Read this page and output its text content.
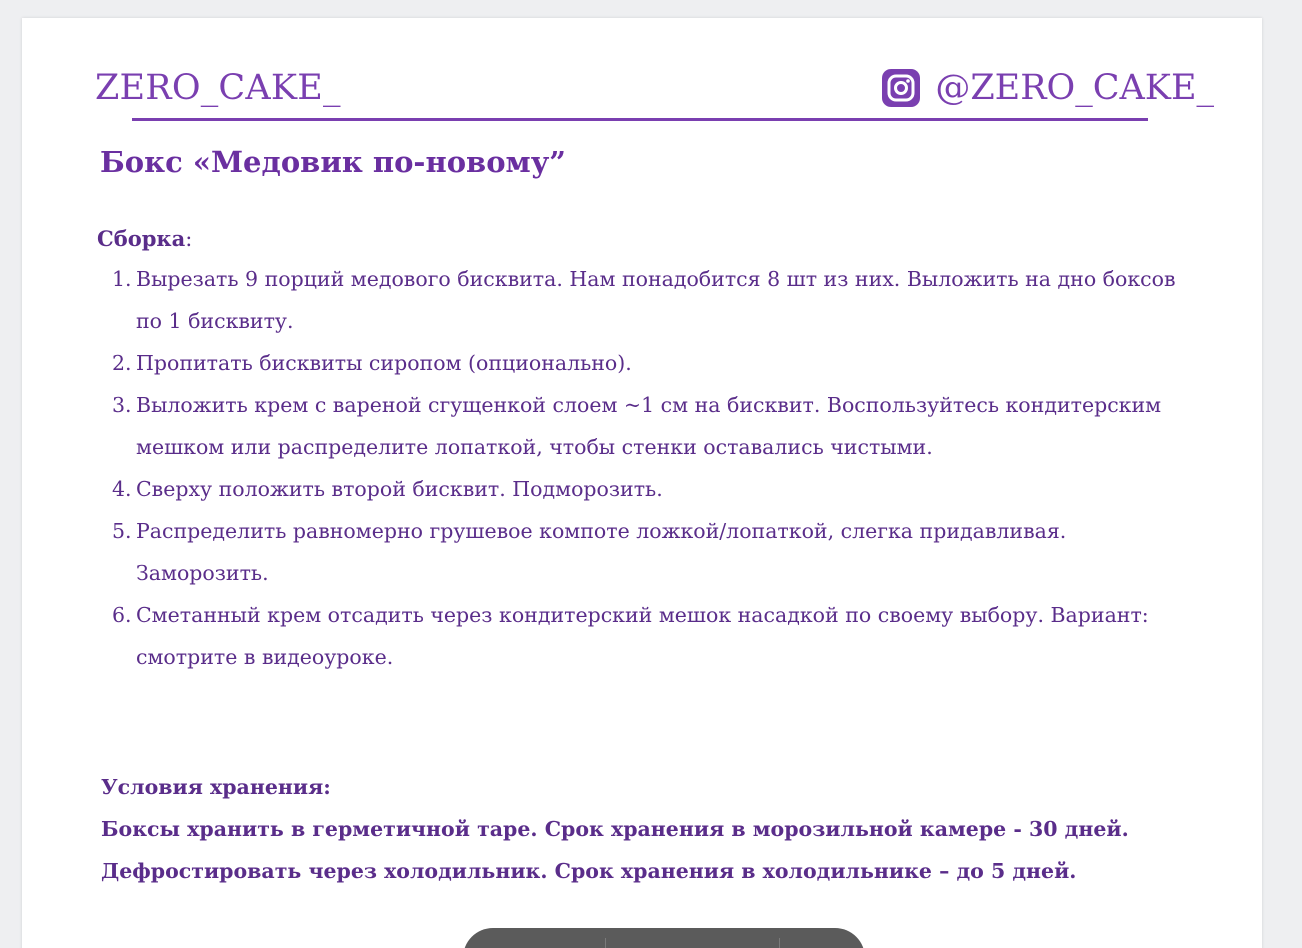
ZERO_CAKE_	@ZERO_CAKE_
Бокс «Медовик по-новому”
Сборка:
1. Вырезать 9 порций медового бисквита. Нам понадобится 8 шт из них. Выложить на дно боксов по 1 бисквиту.
2. Пропитать бисквиты сиропом (опционально).
3. Выложить крем с вареной сгущенкой слоем ~1 см на бисквит. Воспользуйтесь кондитерским мешком или распределите лопаткой, чтобы стенки оставались чистыми.
4. Сверху положить второй бисквит. Подморозить.
5. Распределить равномерно грушевое компоте ложкой/лопаткой, слегка придавливая. Заморозить.
6. Сметанный крем отсадить через кондитерский мешок насадкой по своему выбору. Вариант: смотрите в видеоуроке.
Условия хранения:
Боксы хранить в герметичной таре. Срок хранения в морозильной камере - 30 дней.
Дефростировать через холодильник. Срок хранения в холодильнике – до 5 дней.
